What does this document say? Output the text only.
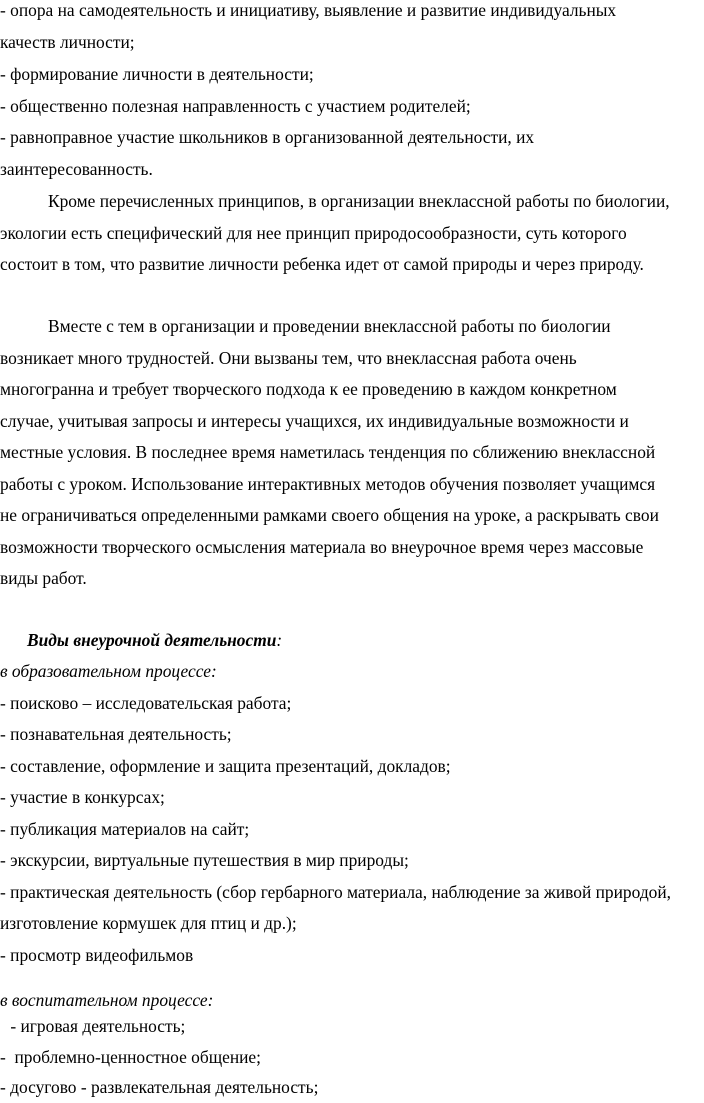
- опора на самодеятельность и инициативу, выявление и развитие индивидуальных
качеств личности;
- формирование личности в деятельности;
- общественно полезная направленность с участием родителей;
- равноправное участие школьников в организованной деятельности, их
заинтересованность.
Кроме перечисленных принципов, в организации внеклассной работы по биологии,
экологии есть специфический для нее принцип природосообразности, суть которого
состоит в том, что развитие личности ребенка идет от самой природы и через природу.
Вместе с тем в организации и проведении внеклассной работы по биологии
возникает много трудностей. Они вызваны тем, что внеклассная работа очень
многогранна и требует творческого подхода к ее проведению в каждом конкретном
случае, учитывая запросы и интересы учащихся, их индивидуальные возможности и
местные условия. В последнее время наметилась тенденция по сближению внеклассной
работы с уроком. Использование интерактивных методов обучения позволяет учащимся
не ограничиваться определенными рамками своего общения на уроке, а раскрывать свои
возможности творческого осмысления материала во внеурочное время через массовые
виды работ.
Виды внеурочной деятельности:
в образовательном процессе:
- поисково – исследовательская работа;
- познавательная деятельность;
- составление, оформление и защита презентаций, докладов;
- участие в конкурсах;
- публикация материалов на сайт;
- экскурсии, виртуальные путешествия в мир природы;
- практическая деятельность (сбор гербарного материала, наблюдение за живой природой,
изготовление кормушек для птиц и др.);
- просмотр видеофильмов
в воспитательном процессе:
- игровая деятельность;
-  проблемно-ценностное общение;
- досугово - развлекательная деятельность;
